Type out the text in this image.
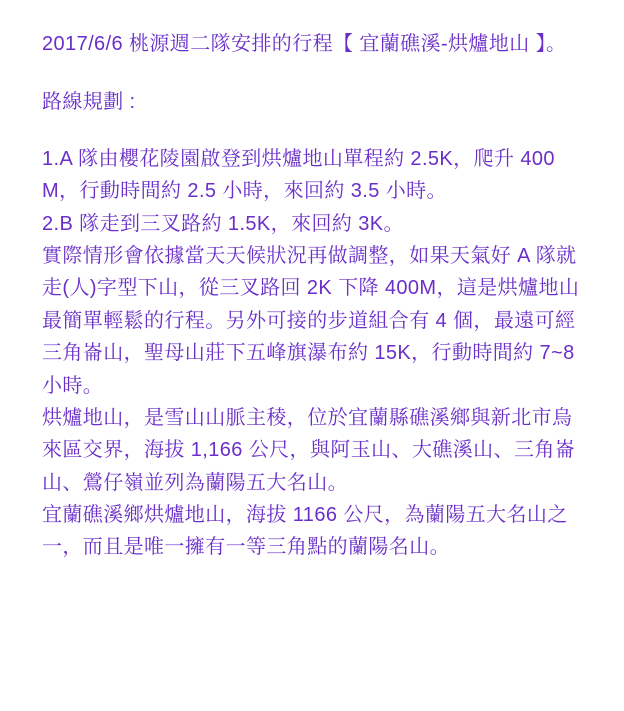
2017/6/6 桃源週二隊安排的行程【 宜蘭礁溪-烘爐地山 】。

路線規劃 :

1.A 隊由櫻花陵園啟登到烘爐地山單程約 2.5K，爬升 400M，行動時間約 2.5 小時，來回約 3.5 小時。

2.B 隊走到三叉路約 1.5K，來回約 3K。

實際情形會依據當天天候狀況再做調整，如果天氣好 A 隊就走(人)字型下山，從三叉路回 2K 下降 400M，這是烘爐地山最簡單輕鬆的行程。另外可接的步道組合有 4 個，最遠可經三角崙山，聖母山莊下五峰旗瀑布約 15K，行動時間約 7~8 小時。

烘爐地山，是雪山山脈主稜，位於宜蘭縣礁溪鄉與新北市烏來區交界，海拔 1,166 公尺，與阿玉山、大礁溪山、三角崙山、鶯仔嶺並列為蘭陽五大名山。

宜蘭礁溪鄉烘爐地山，海拔 1166 公尺，為蘭陽五大名山之一，而且是唯一擁有一等三角點的蘭陽名山。
